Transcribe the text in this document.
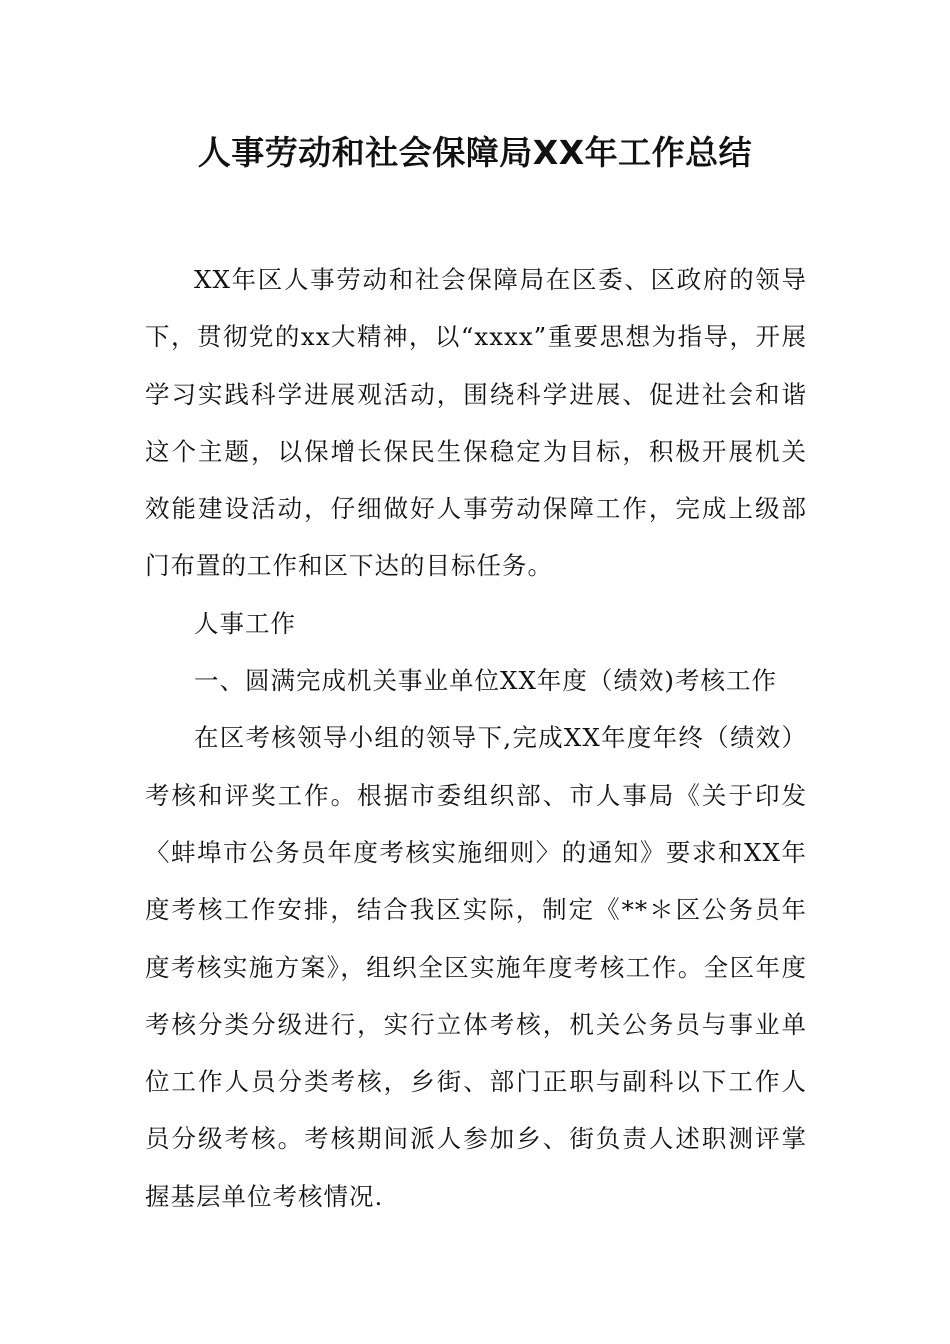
人事劳动和社会保障局XX年工作总结

XX年区人事劳动和社会保障局在区委、区政府的领导下，贯彻党的xx大精神，以“xxxx”重要思想为指导，开展学习实践科学进展观活动，围绕科学进展、促进社会和谐这个主题，以保增长保民生保稳定为目标，积极开展机关效能建设活动，仔细做好人事劳动保障工作，完成上级部门布置的工作和区下达的目标任务。

人事工作

一、圆满完成机关事业单位XX年度（绩效)考核工作

在区考核领导小组的领导下,完成XX年度年终（绩效）考核和评奖工作。根据市委组织部、市人事局《关于印发〈蚌埠市公务员年度考核实施细则〉的通知》要求和XX年度考核工作安排，结合我区实际，制定《**＊区公务员年度考核实施方案》，组织全区实施年度考核工作。全区年度考核分类分级进行，实行立体考核，机关公务员与事业单位工作人员分类考核，乡街、部门正职与副科以下工作人员分级考核。考核期间派人参加乡、街负责人述职测评掌握基层单位考核情况.
